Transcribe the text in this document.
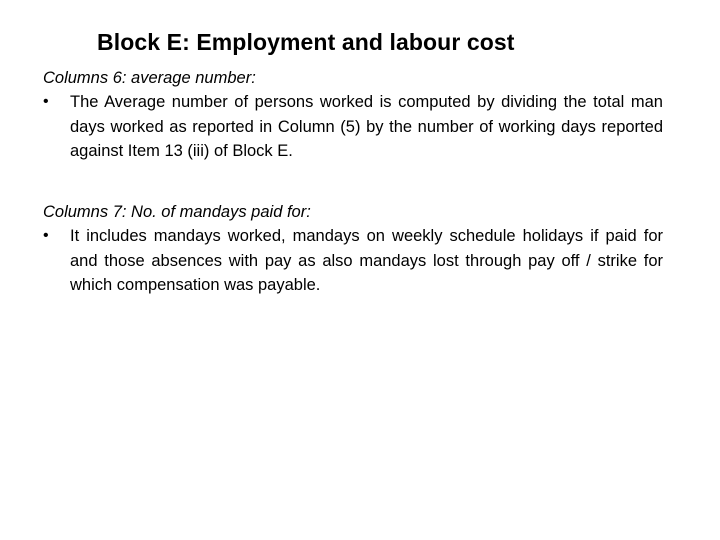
Block E: Employment and labour cost
Columns 6: average number:
•	The Average number of persons worked is computed by dividing the total man days worked as reported in Column (5) by the number of working days reported against Item 13 (iii) of Block E.
Columns 7: No. of mandays paid for:
•	It includes mandays worked, mandays on weekly schedule holidays if paid for and those absences with pay as also mandays lost through pay off / strike for which compensation was payable.
